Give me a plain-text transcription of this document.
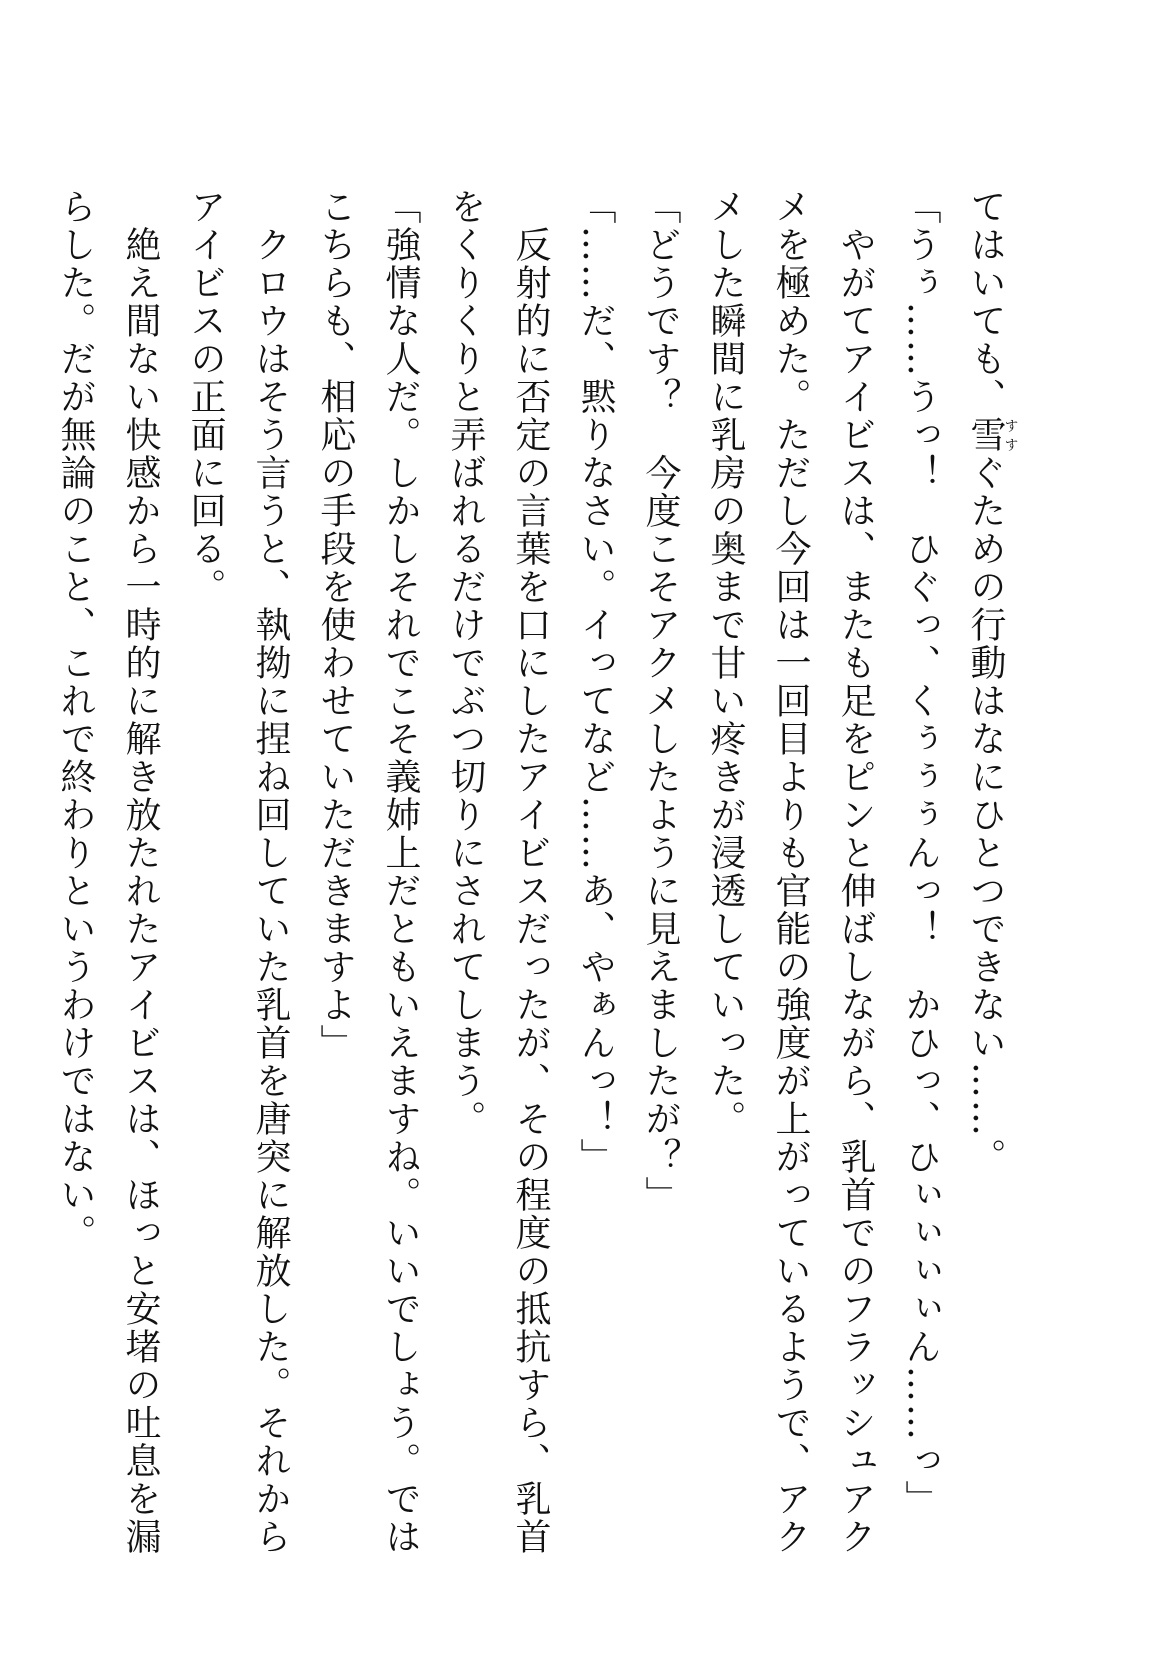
てはいても、雪すすぐための行動はなにひとつできない……。
「うぅ……うっ！　ひぐっ、くぅぅぅんっ！　かひっ、ひぃぃぃぃん……っ」
　やがてアイビスは、またも足をピンと伸ばしながら、乳首でのフラッシュアク
メを極めた。ただし今回は一回目よりも官能の強度が上がっているようで、アク
メした瞬間に乳房の奥まで甘い疼きが浸透していった。
「どうです？　今度こそアクメしたように見えましたが？」
「……だ、黙りなさい。イってなど……あ、やぁんっ！」
　反射的に否定の言葉を口にしたアイビスだったが、その程度の抵抗すら、乳首
をくりくりと弄ばれるだけでぶつ切りにされてしまう。
「強情な人だ。しかしそれでこそ義姉上だともいえますね。いいでしょう。では
こちらも、相応の手段を使わせていただきますよ」
　クロウはそう言うと、執拗に捏ね回していた乳首を唐突に解放した。それから
アイビスの正面に回る。
　絶え間ない快感から一時的に解き放たれたアイビスは、ほっと安堵の吐息を漏
らした。だが無論のこと、これで終わりというわけではない。
